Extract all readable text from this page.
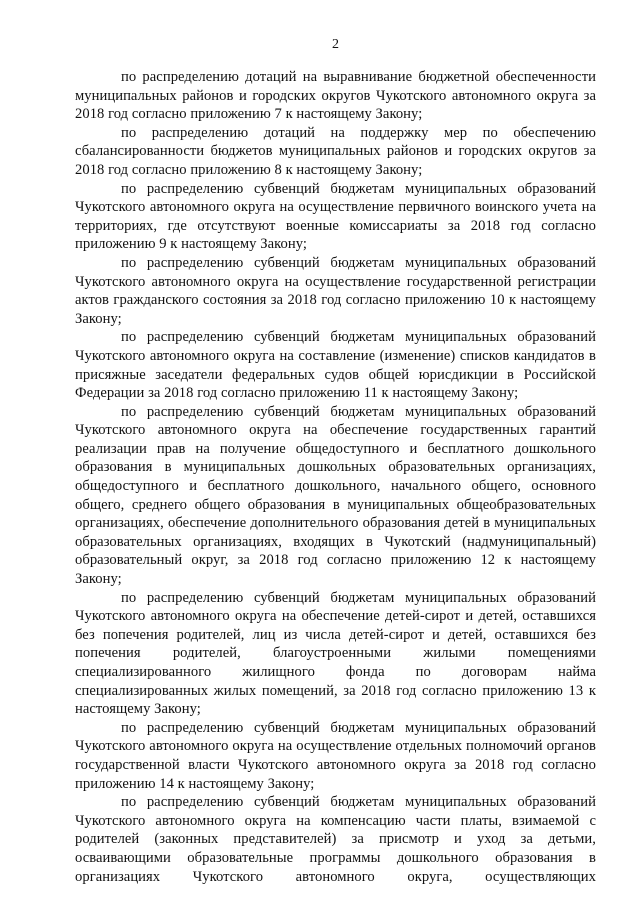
2

по распределению дотаций на выравнивание бюджетной обеспеченности муниципальных районов и городских округов Чукотского автономного округа за 2018 год согласно приложению 7 к настоящему Закону;

по распределению дотаций на поддержку мер по обеспечению сбалансированности бюджетов муниципальных районов и городских округов за 2018 год согласно приложению 8 к настоящему Закону;

по распределению субвенций бюджетам муниципальных образований Чукотского автономного округа на осуществление первичного воинского учета на территориях, где отсутствуют военные комиссариаты за 2018 год согласно приложению 9 к настоящему Закону;

по распределению субвенций бюджетам муниципальных образований Чукотского автономного округа на осуществление государственной регистрации актов гражданского состояния за 2018 год согласно приложению 10 к настоящему Закону;

по распределению субвенций бюджетам муниципальных образований Чукотского автономного округа на составление (изменение) списков кандидатов в присяжные заседатели федеральных судов общей юрисдикции в Российской Федерации за 2018 год согласно приложению 11 к настоящему Закону;

по распределению субвенций бюджетам муниципальных образований Чукотского автономного округа на обеспечение государственных гарантий реализации прав на получение общедоступного и бесплатного дошкольного образования в муниципальных дошкольных образовательных организациях, общедоступного и бесплатного дошкольного, начального общего, основного общего, среднего общего образования в муниципальных общеобразовательных организациях, обеспечение дополнительного образования детей в муниципальных образовательных организациях, входящих в Чукотский (надмуниципальный) образовательный округ, за 2018 год согласно приложению 12 к настоящему Закону;

по распределению субвенций бюджетам муниципальных образований Чукотского автономного округа на обеспечение детей-сирот и детей, оставшихся без попечения родителей, лиц из числа детей-сирот и детей, оставшихся без попечения родителей, благоустроенными жилыми помещениями специализированного жилищного фонда по договорам найма специализированных жилых помещений, за 2018 год согласно приложению 13 к настоящему Закону;

по распределению субвенций бюджетам муниципальных образований Чукотского автономного округа на осуществление отдельных полномочий органов государственной власти Чукотского автономного округа за 2018 год согласно приложению 14 к настоящему Закону;

по распределению субвенций бюджетам муниципальных образований Чукотского автономного округа на компенсацию части платы, взимаемой с родителей (законных представителей) за присмотр и уход за детьми, осваивающими образовательные программы дошкольного образования в организациях Чукотского автономного округа, осуществляющих
